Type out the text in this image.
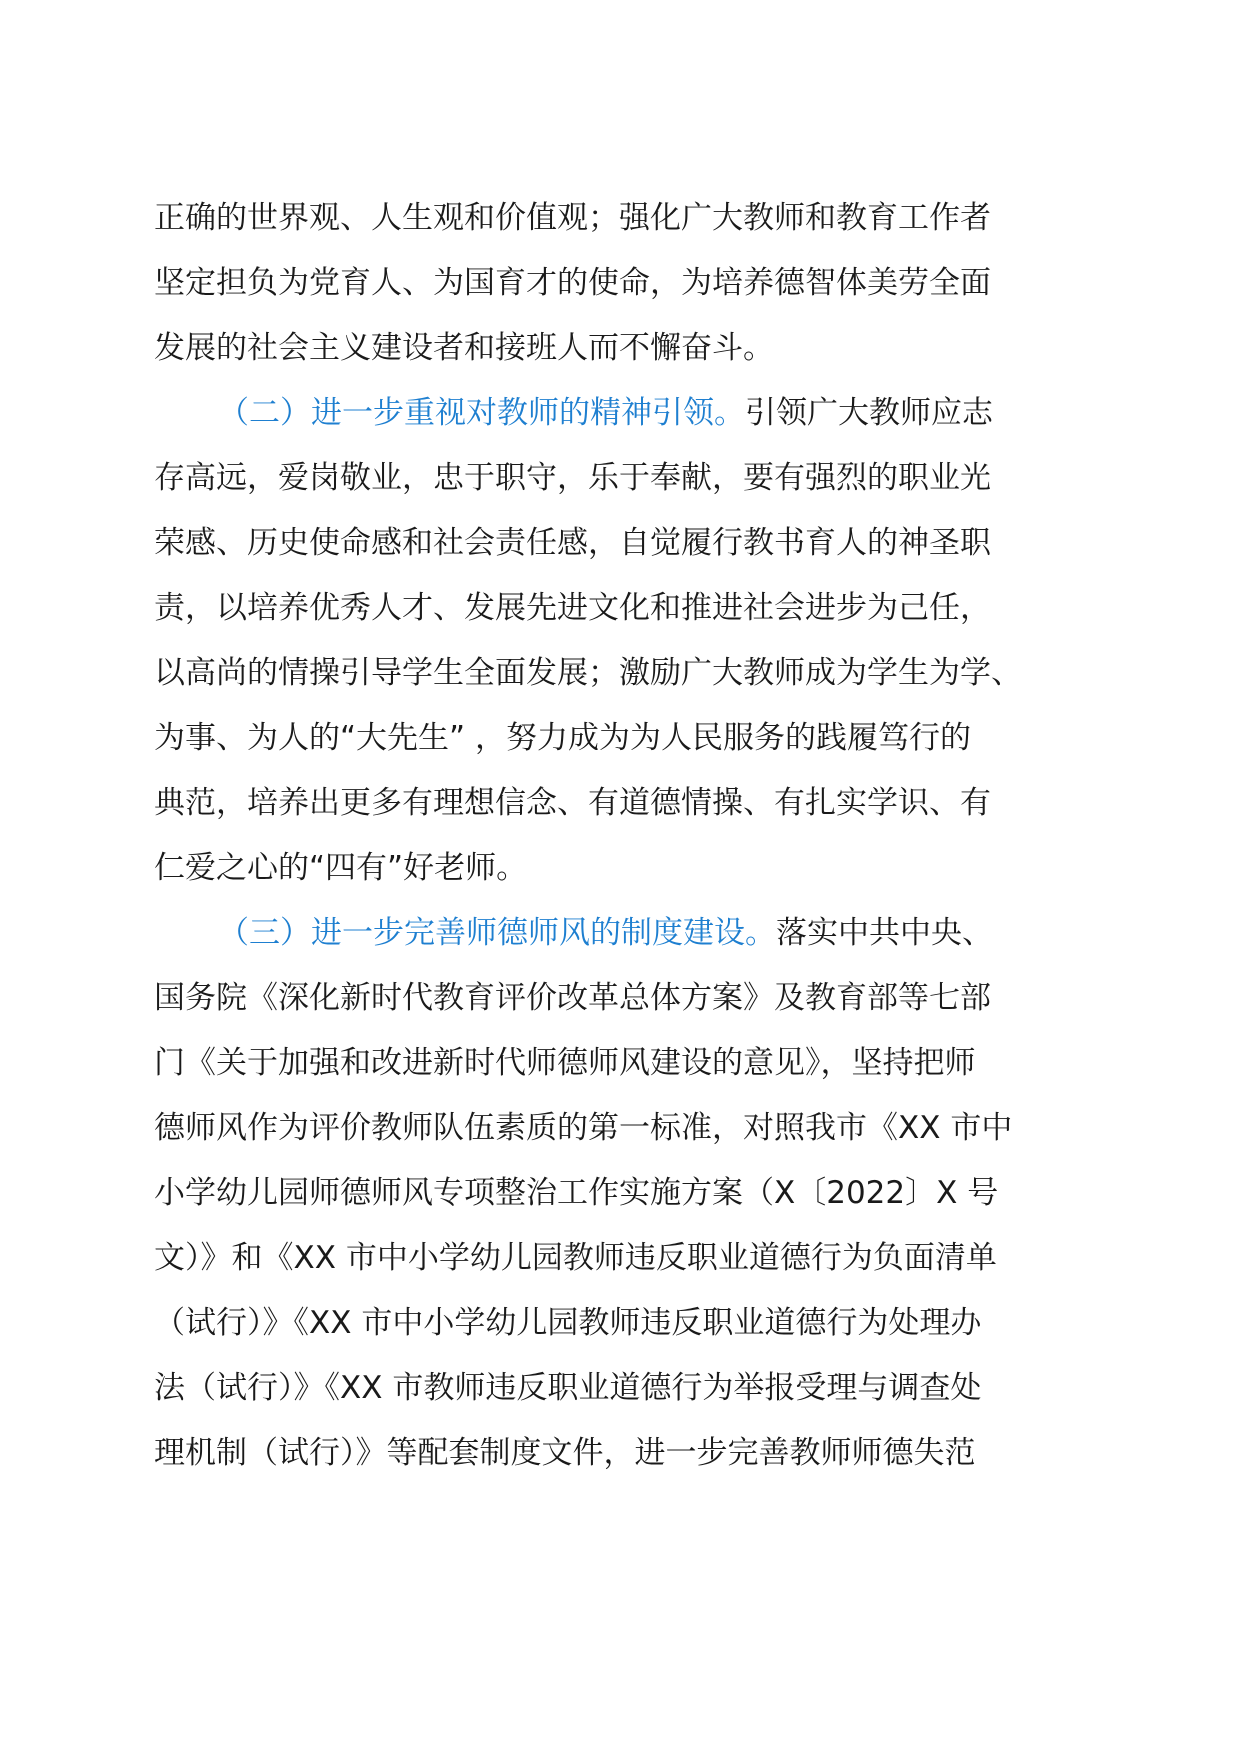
正确的世界观、人生观和价值观；强化广大教师和教育工作者
坚定担负为党育人、为国育才的使命，为培养德智体美劳全面
发展的社会主义建设者和接班人而不懈奋斗。
（二）进一步重视对教师的精神引领。引领广大教师应志
存高远，爱岗敬业，忠于职守，乐于奉献，要有强烈的职业光
荣感、历史使命感和社会责任感，自觉履行教书育人的神圣职
责，以培养优秀人才、发展先进文化和推进社会进步为己任，
以高尚的情操引导学生全面发展；激励广大教师成为学生为学、
为事、为人的“大先生” ，努力成为为人民服务的践履笃行的
典范，培养出更多有理想信念、有道德情操、有扎实学识、有
仁爱之心的“四有”好老师。
（三）进一步完善师德师风的制度建设。落实中共中央、
国务院《深化新时代教育评价改革总体方案》及教育部等七部
门《关于加强和改进新时代师德师风建设的意见》，坚持把师
德师风作为评价教师队伍素质的第一标准，对照我市《XX 市中
小学幼儿园师德师风专项整治工作实施方案（X〔2022〕X 号
文）》和《XX 市中小学幼儿园教师违反职业道德行为负面清单
（试行）》《XX 市中小学幼儿园教师违反职业道德行为处理办
法（试行）》《XX 市教师违反职业道德行为举报受理与调查处
理机制（试行）》等配套制度文件，进一步完善教师师德失范
